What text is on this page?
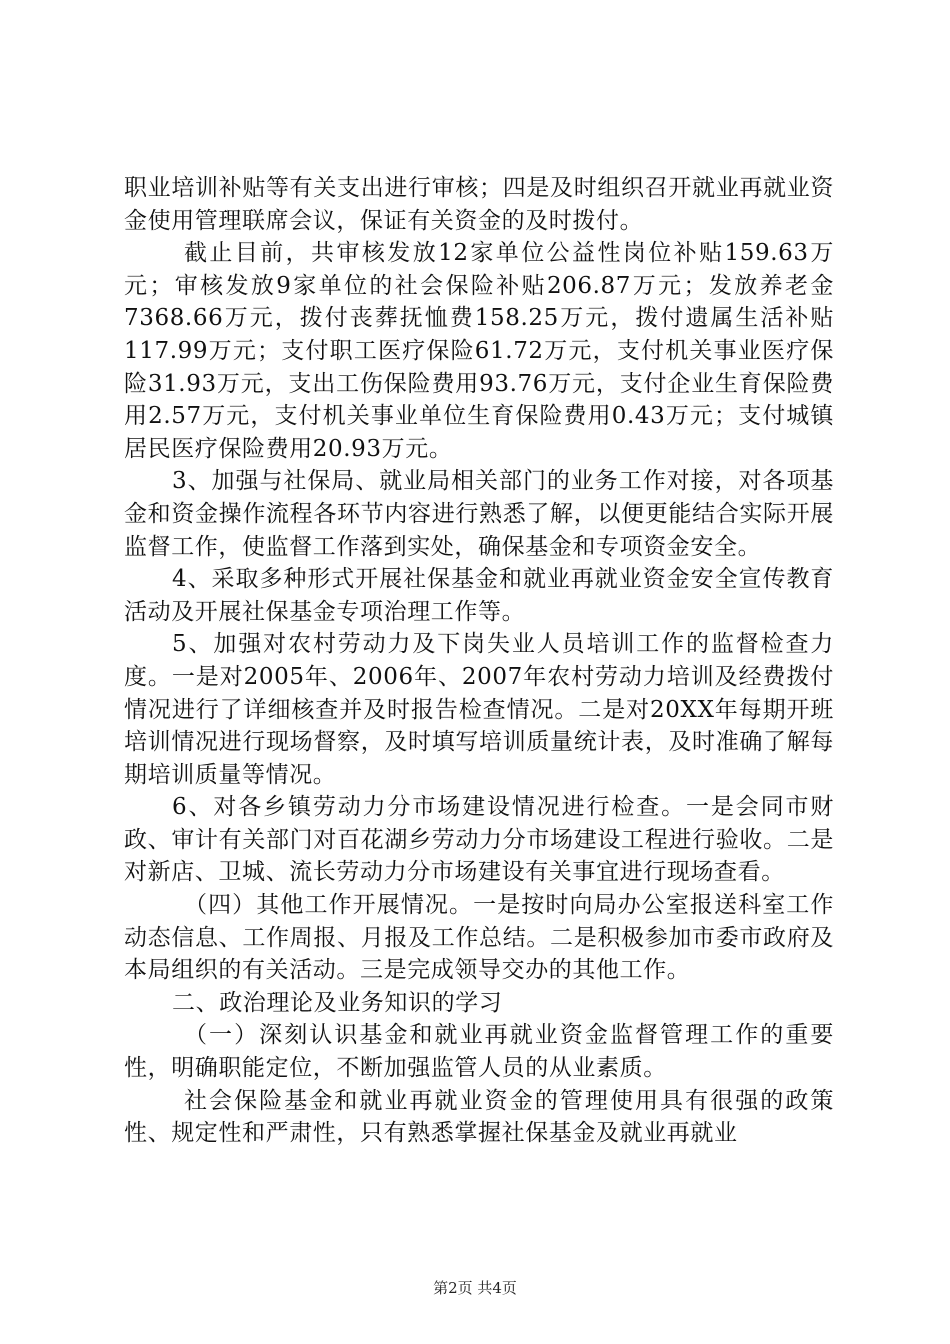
职业培训补贴等有关支出进行审核；四是及时组织召开就业再就业资金使用管理联席会议，保证有关资金的及时拨付。

截止目前，共审核发放12家单位公益性岗位补贴159.63万元；审核发放9家单位的社会保险补贴206.87万元；发放养老金7368.66万元，拨付丧葬抚恤费158.25万元，拨付遗属生活补贴117.99万元；支付职工医疗保险61.72万元，支付机关事业医疗保险31.93万元，支出工伤保险费用93.76万元，支付企业生育保险费用2.57万元，支付机关事业单位生育保险费用0.43万元；支付城镇居民医疗保险费用20.93万元。

3、加强与社保局、就业局相关部门的业务工作对接，对各项基金和资金操作流程各环节内容进行熟悉了解，以便更能结合实际开展监督工作，使监督工作落到实处，确保基金和专项资金安全。

4、采取多种形式开展社保基金和就业再就业资金安全宣传教育活动及开展社保基金专项治理工作等。

5、加强对农村劳动力及下岗失业人员培训工作的监督检查力度。一是对2005年、2006年、2007年农村劳动力培训及经费拨付情况进行了详细核查并及时报告检查情况。二是对20XX年每期开班培训情况进行现场督察，及时填写培训质量统计表，及时准确了解每期培训质量等情况。

6、对各乡镇劳动力分市场建设情况进行检查。一是会同市财政、审计有关部门对百花湖乡劳动力分市场建设工程进行验收。二是对新店、卫城、流长劳动力分市场建设有关事宜进行现场查看。

（四）其他工作开展情况。一是按时向局办公室报送科室工作动态信息、工作周报、月报及工作总结。二是积极参加市委市政府及本局组织的有关活动。三是完成领导交办的其他工作。

二、政治理论及业务知识的学习

（一）深刻认识基金和就业再就业资金监督管理工作的重要性，明确职能定位，不断加强监管人员的从业素质。

社会保险基金和就业再就业资金的管理使用具有很强的政策性、规定性和严肃性，只有熟悉掌握社保基金及就业再就业

第2页 共4页
